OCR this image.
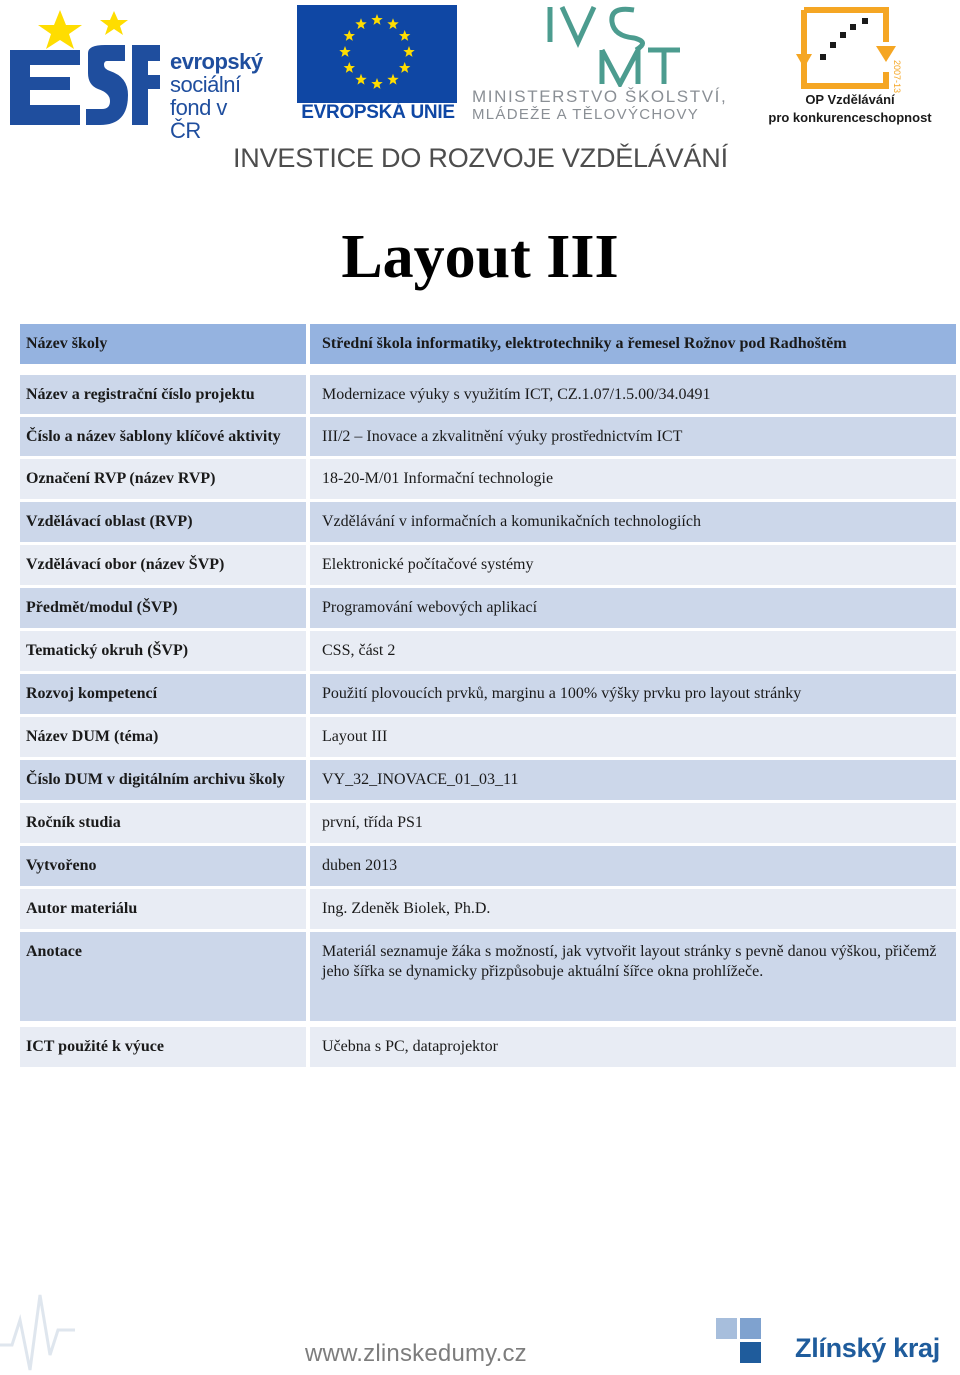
evropský
sociální
fond v ČR
EVROPSKÁ UNIE
MINISTERSTVO ŠKOLSTVÍ,
MLÁDEŽE A TĚLOVÝCHOVY
2007-13
OP Vzdělávání
pro konkurenceschopnost
INVESTICE DO ROZVOJE VZDĚLÁVÁNÍ
Layout III
Název školy	Střední škola informatiky, elektrotechniky a řemesel Rožnov pod Radhoštěm
Název a registrační číslo projektu	Modernizace výuky s využitím ICT, CZ.1.07/1.5.00/34.0491
Číslo a název šablony klíčové aktivity	III/2 – Inovace a zkvalitnění výuky prostřednictvím ICT
Označení RVP (název RVP)	18-20-M/01 Informační technologie
Vzdělávací oblast (RVP)	Vzdělávání v informačních a komunikačních technologiích
Vzdělávací obor (název ŠVP)	Elektronické počítačové systémy
Předmět/modul (ŠVP)	Programování webových aplikací
Tematický okruh (ŠVP)	CSS, část 2
Rozvoj kompetencí	Použití plovoucích prvků, marginu a 100% výšky prvku pro layout stránky
Název DUM (téma)	Layout III
Číslo DUM v digitálním archivu školy	VY_32_INOVACE_01_03_11
Ročník studia	první, třída PS1
Vytvořeno	duben 2013
Autor materiálu	Ing. Zdeněk Biolek, Ph.D.
Anotace	Materiál seznamuje žáka s možností, jak vytvořit layout stránky s pevně danou výškou, přičemž jeho šířka se dynamicky přizpůsobuje aktuální šířce okna prohlížeče.
ICT použité k výuce	Učebna s PC, dataprojektor
www.zlinskedumy.cz	Zlínský kraj
